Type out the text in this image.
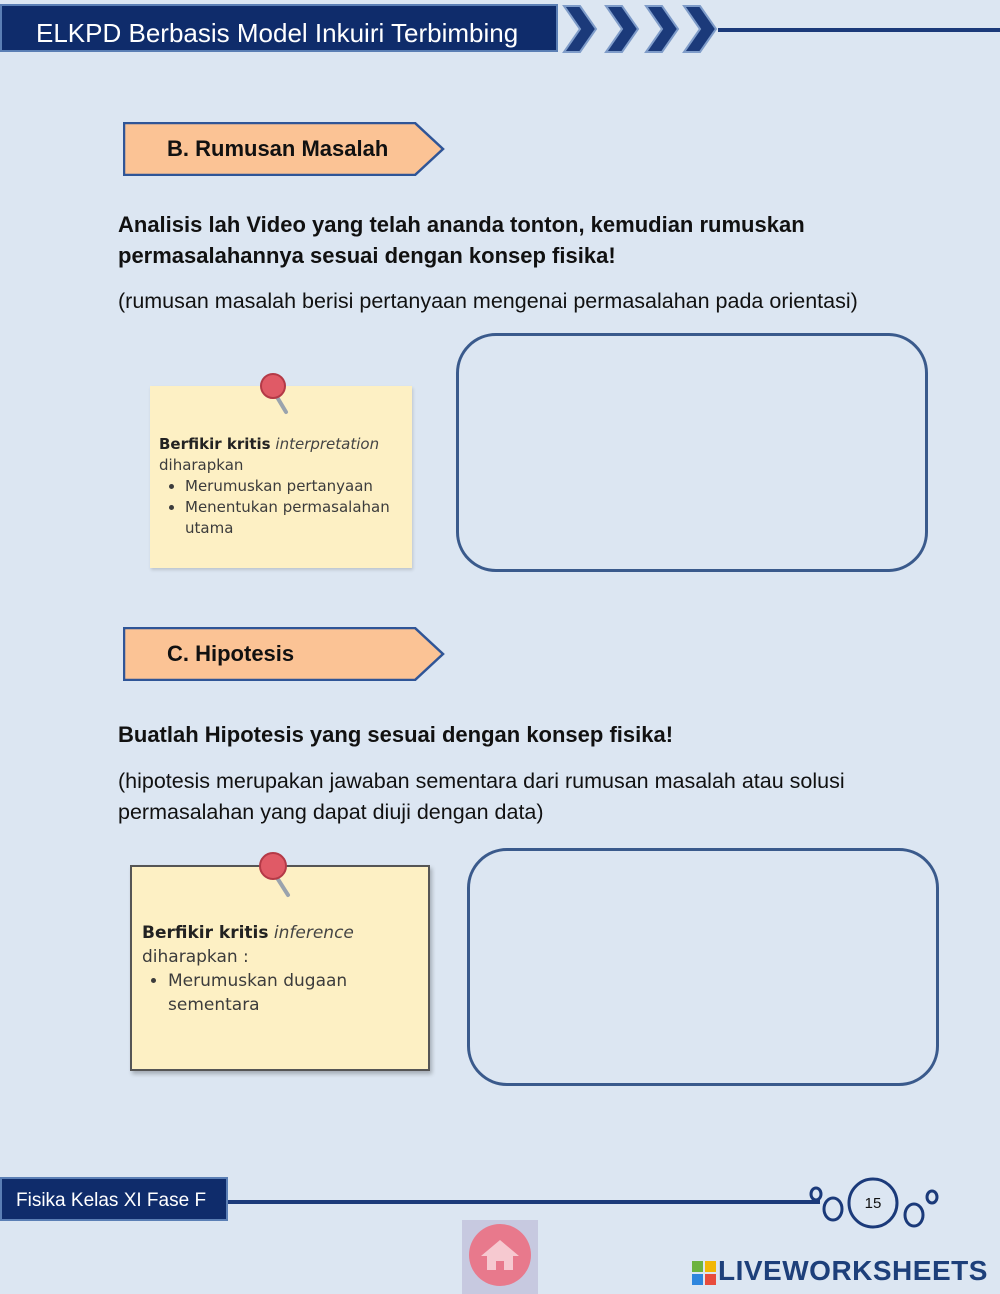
ELKPD Berbasis Model Inkuiri Terbimbing
B. Rumusan Masalah
Analisis lah Video yang telah ananda tonton, kemudian rumuskan permasalahannya sesuai dengan konsep fisika!
(rumusan masalah berisi pertanyaan mengenai permasalahan pada orientasi)
Berfikir kritis interpretation
diharapkan
• Merumuskan pertanyaan
• Menentukan permasalahan utama
C. Hipotesis
Buatlah Hipotesis yang sesuai dengan konsep fisika!
(hipotesis merupakan jawaban sementara dari rumusan masalah atau solusi permasalahan yang dapat diuji dengan data)
Berfikir kritis inference
diharapkan :
• Merumuskan dugaan sementara
Fisika Kelas XI Fase F	15
LIVEWORKSHEETS
